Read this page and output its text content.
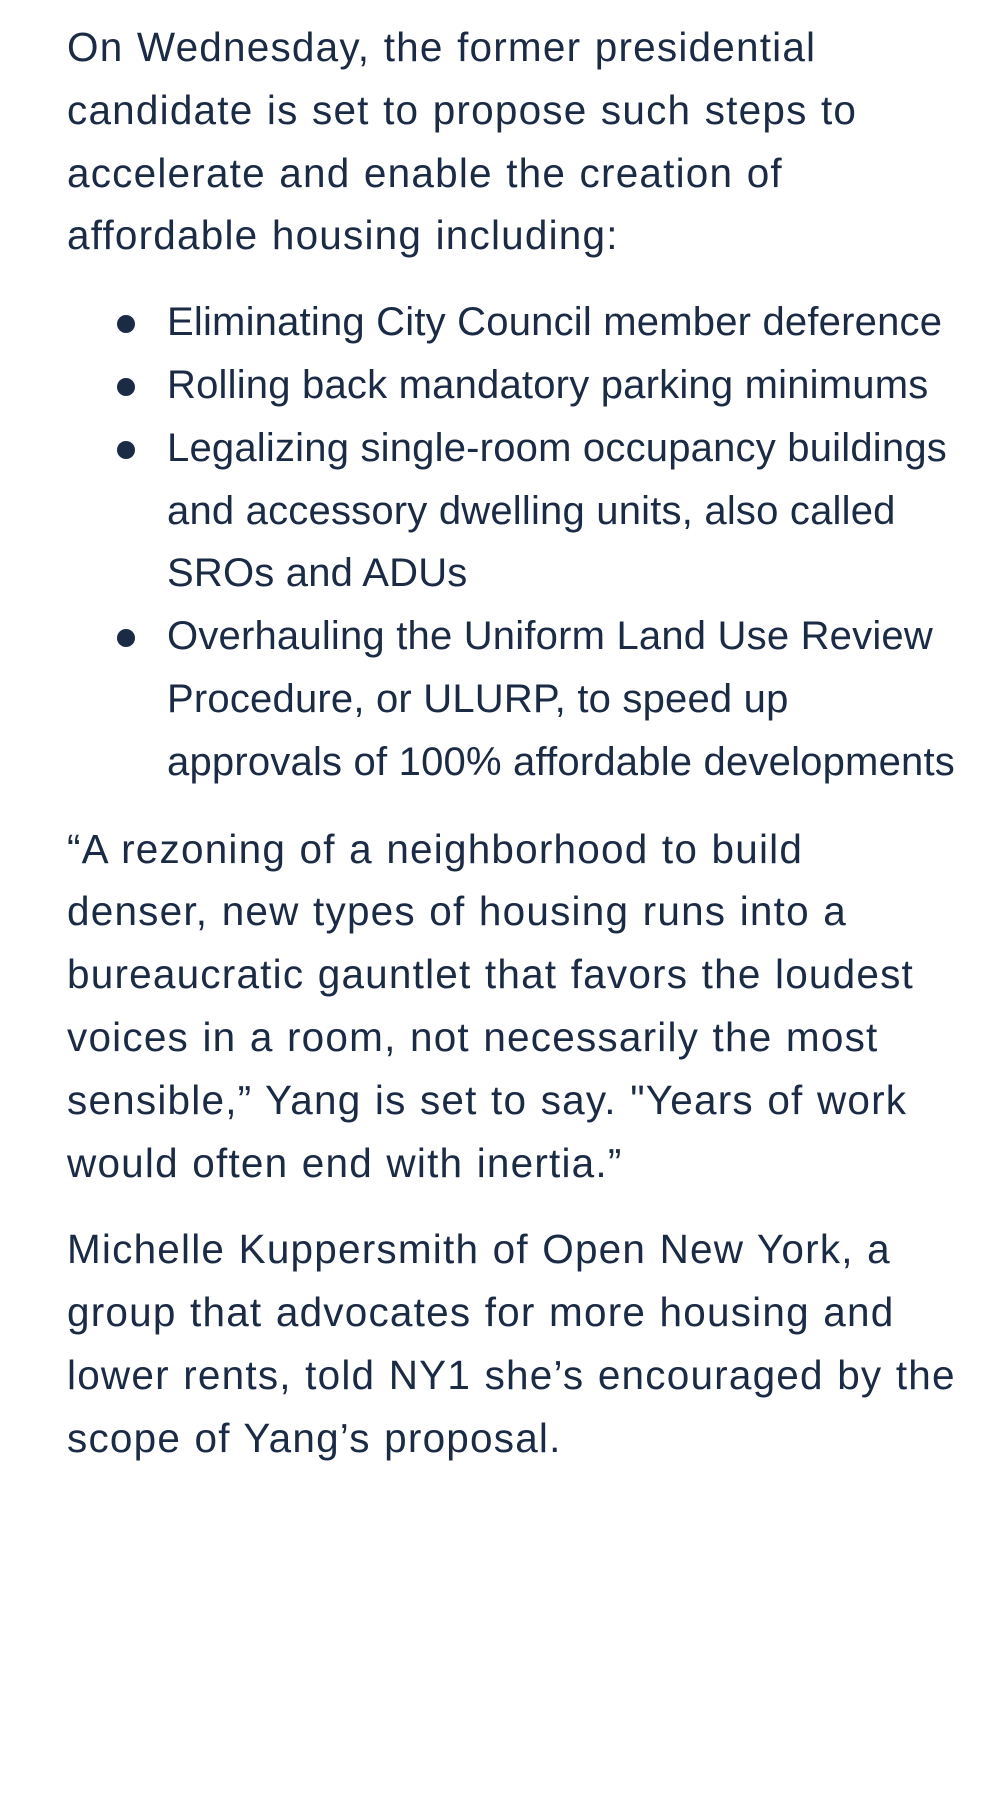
On Wednesday, the former presidential candidate is set to propose such steps to accelerate and enable the creation of affordable housing including:

Eliminating City Council member deference
Rolling back mandatory parking minimums
Legalizing single-room occupancy buildings and accessory dwelling units, also called SROs and ADUs
Overhauling the Uniform Land Use Review Procedure, or ULURP, to speed up approvals of 100% affordable developments

“A rezoning of a neighborhood to build denser, new types of housing runs into a bureaucratic gauntlet that favors the loudest voices in a room, not necessarily the most sensible,” Yang is set to say. "Years of work would often end with inertia.”

Michelle Kuppersmith of Open New York, a group that advocates for more housing and lower rents, told NY1 she’s encouraged by the scope of Yang’s proposal.
